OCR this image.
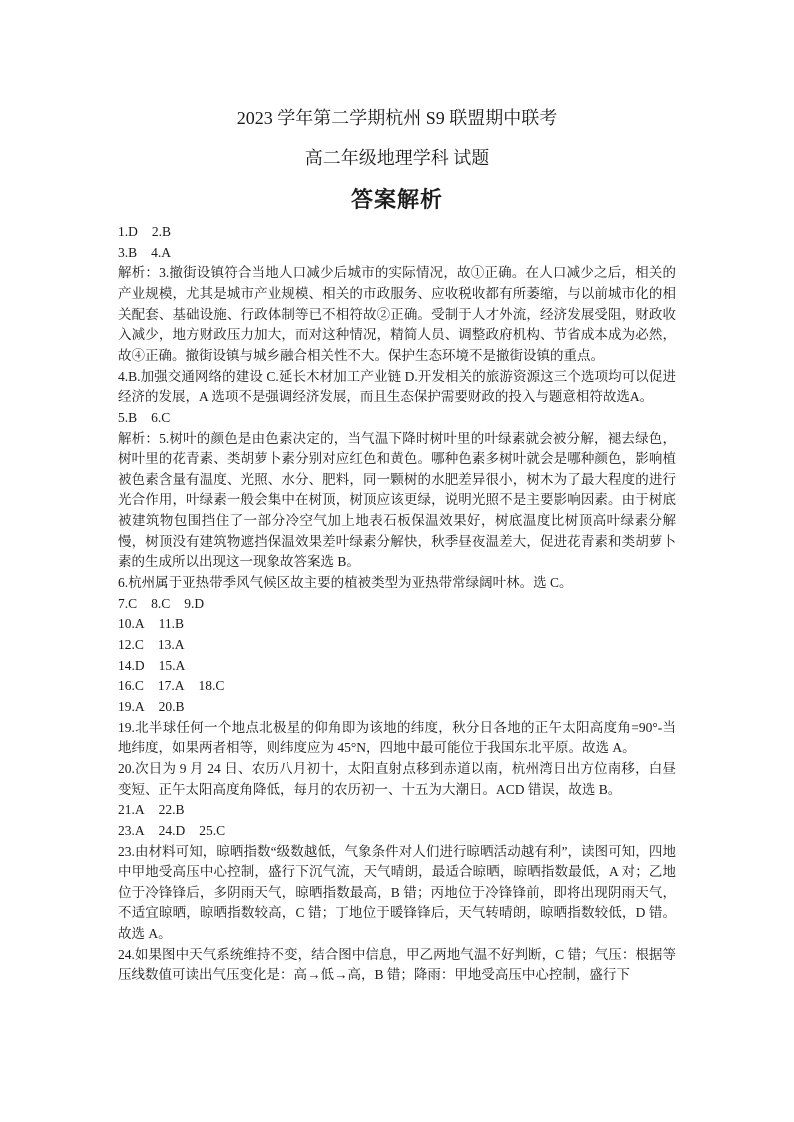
2023 学年第二学期杭州 S9 联盟期中联考
高二年级地理学科 试题
答案解析
1.D 2.B
3.B 4.A

解析：3.撤街设镇符合当地人口减少后城市的实际情况，故①正确。在人口减少之后，相关的产业规模，尤其是城市产业规模、相关的市政服务、应收税收都有所萎缩，与以前城市化的相关配套、基础设施、行政体制等已不相符故②正确。受制于人才外流，经济发展受阻，财政收入减少，地方财政压力加大，而对这种情况，精简人员、调整政府机构、节省成本成为必然，故④正确。撤街设镇与城乡融合相关性不大。保护生态环境不是撤街设镇的重点。

4.B.加强交通网络的建设 C.延长木材加工产业链 D.开发相关的旅游资源这三个选项均可以促进经济的发展，A 选项不是强调经济发展，而且生态保护需要财政的投入与题意相符故选A。

5.B 6.C

解析：5.树叶的颜色是由色素决定的，当气温下降时树叶里的叶绿素就会被分解，褪去绿色，树叶里的花青素、类胡萝卜素分别对应红色和黄色。哪种色素多树叶就会是哪种颜色，影响植被色素含量有温度、光照、水分、肥料，同一颗树的水肥差异很小，树木为了最大程度的进行光合作用，叶绿素一般会集中在树顶，树顶应该更绿，说明光照不是主要影响因素。由于树底被建筑物包围挡住了一部分冷空气加上地表石板保温效果好，树底温度比树顶高叶绿素分解慢，树顶没有建筑物遮挡保温效果差叶绿素分解快，秋季昼夜温差大，促进花青素和类胡萝卜素的生成所以出现这一现象故答案选 B。

6.杭州属于亚热带季风气候区故主要的植被类型为亚热带常绿阔叶林。选 C。

7.C 8.C 9.D
10.A 11.B
12.C 13.A
14.D 15.A
16.C 17.A 18.C
19.A 20.B

19.北半球任何一个地点北极星的仰角即为该地的纬度，秋分日各地的正午太阳高度角=90°-当地纬度，如果两者相等，则纬度应为 45°N，四地中最可能位于我国东北平原。故选 A。

20.次日为 9 月 24 日、农历八月初十，太阳直射点移到赤道以南，杭州湾日出方位南移，白昼变短、正午太阳高度角降低，每月的农历初一、十五为大潮日。ACD 错误，故选 B。

21.A 22.B
23.A 24.D 25.C

23.由材料可知，晾晒指数“级数越低，气象条件对人们进行晾晒活动越有利”，读图可知，四地中甲地受高压中心控制，盛行下沉气流，天气晴朗，最适合晾晒，晾晒指数最低，A 对；乙地位于冷锋锋后，多阴雨天气，晾晒指数最高，B 错；丙地位于冷锋锋前，即将出现阴雨天气，不适宜晾晒，晾晒指数较高，C 错；丁地位于暖锋锋后，天气转晴朗，晾晒指数较低，D 错。故选 A。

24.如果图中天气系统维持不变，结合图中信息，甲乙两地气温不好判断，C 错；气压：根据等压线数值可读出气压变化是：高→低→高，B 错；降雨：甲地受高压中心控制，盛行下
